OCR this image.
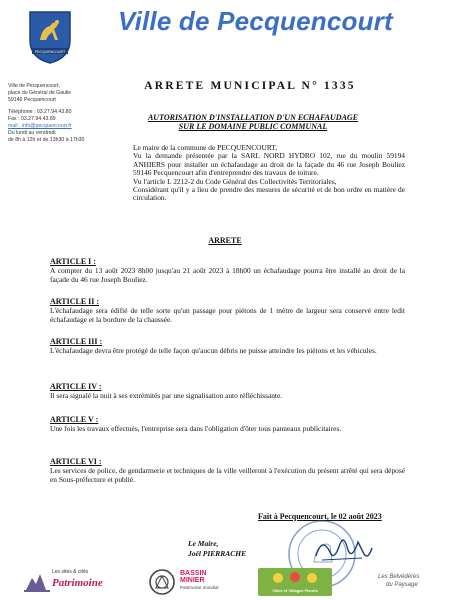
PECQUENCOURT
Ville de Pecquencourt
Ville de Pecquencourt,
place du Général de Gaulle
59146 Pecquencourt
Téléphone : 03.27.94.43.80
Fax : 03.27.94.43.89
mail : info@pecquencourt.fr
Du lundi au vendredi
de 8h à 12h et de 13h30 à 17h30
ARRETE MUNICIPAL N° 1335
AUTORISATION D'INSTALLATION D'UN ECHAFAUDAGE
SUR LE DOMAINE PUBLIC COMMUNAL

Le maire de la commune de PECQUENCOURT,

Vu la demande présentée par la SARL NORD HYDRO 102, rue du moulin 59194 ANHIERS pour installer un échafaudage au droit de la façade du 46 rue Joseph Bouliez 59146 Pecquencourt afin d'entreprendre des travaux de toiture.

Vu l'article L 2212-2 du Code Général des Collectivités Territoriales,

Considérant qu'il y a lieu de prendre des mesures de sécurité et de bon ordre en matière de circulation.

ARRETE
ARTICLE I :

A compter du 13 août 2023 8h00 jusqu'au 21 août 2023 à 18h00 un échafaudage pourra être installé au droit de la façade du 46 rue Joseph Bouliez.

ARTICLE II :

L'échafaudage sera édifié de telle sorte qu'un passage pour piétons de 1 mètre de largeur sera conservé entre ledit échafaudage et la bordure de la chaussée.

ARTICLE III :

L'échafaudage devra être protégé de telle façon qu'aucun débris ne puisse atteindre les piétons et les véhicules.

ARTICLE IV :

Il sera signalé la nuit à ses extrémités par une signalisation auto réfléchissante.

ARTICLE V :

Une fois les travaux effectués, l'entreprise sera dans l'obligation d'ôter tous panneaux publicitaires.

ARTICLE VI :

Les services de police, de gendarmerie et techniques de la ville veilleront à l'exécution du présent arrêté qui sera déposé en Sous-préfecture et publié.

Fait à Pecquencourt, le 02 août 2023
Le Maire,
Joël PIERRACHE
Les sites & cités
Patrimoine
BASSIN
MINIER
Patrimoine mondial
Villes et Villages Fleuris
Les Belvédères
du Paysage
